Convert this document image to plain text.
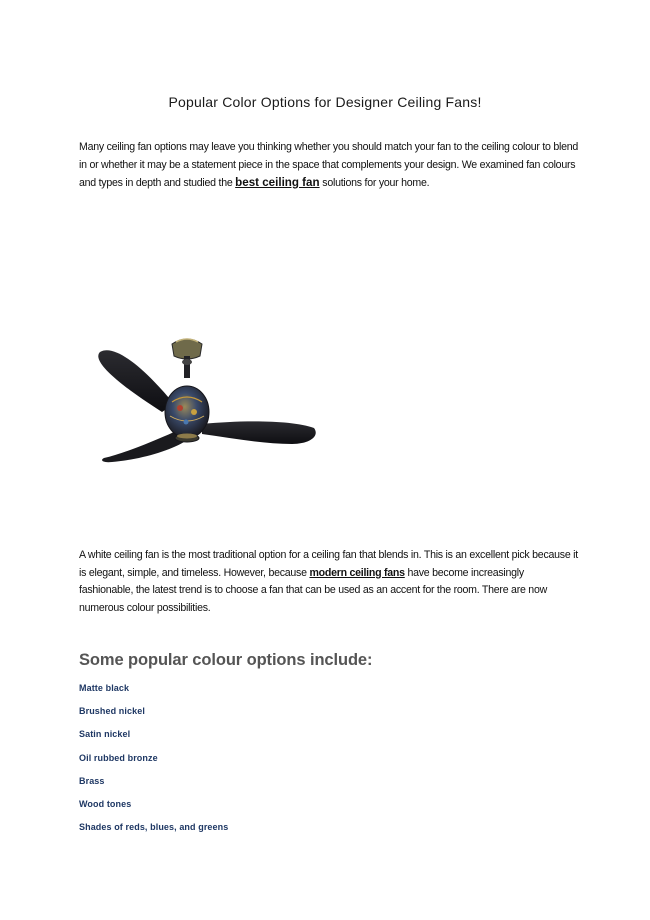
Popular Color Options for Designer Ceiling Fans!

Many ceiling fan options may leave you thinking whether you should match your fan to the ceiling colour to blend in or whether it may be a statement piece in the space that complements your design. We examined fan colours and types in depth and studied the best ceiling fan solutions for your home.

A white ceiling fan is the most traditional option for a ceiling fan that blends in. This is an excellent pick because it is elegant, simple, and timeless. However, because modern ceiling fans have become increasingly fashionable, the latest trend is to choose a fan that can be used as an accent for the room. There are now numerous colour possibilities.

Some popular colour options include:
Matte black
Brushed nickel
Satin nickel
Oil rubbed bronze
Brass
Wood tones
Shades of reds, blues, and greens
